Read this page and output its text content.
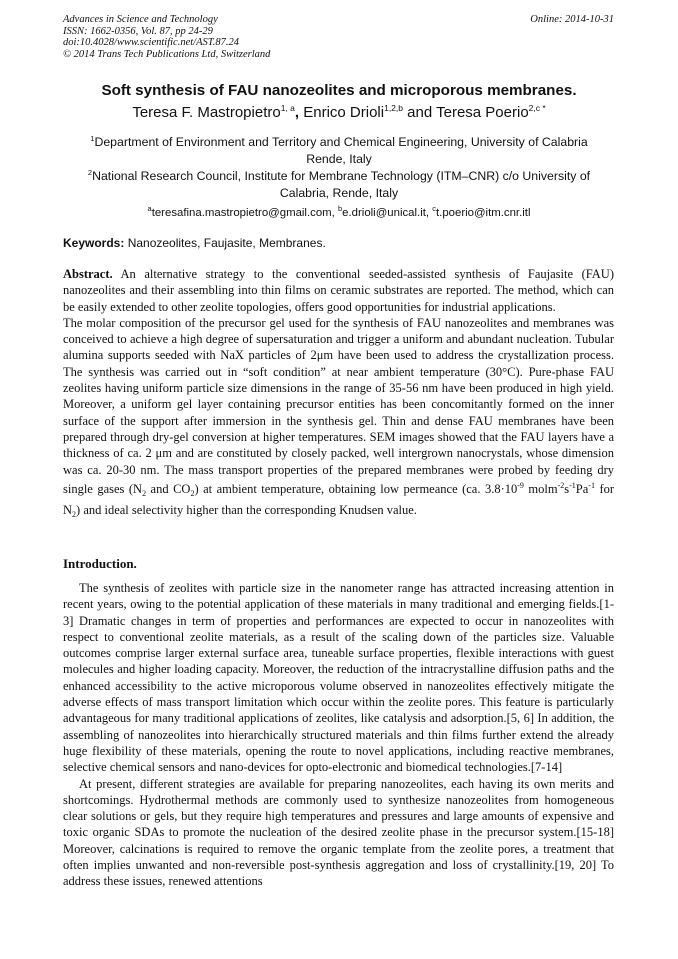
Advances in Science and Technology
ISSN: 1662-0356, Vol. 87, pp 24-29
doi:10.4028/www.scientific.net/AST.87.24
© 2014 Trans Tech Publications Ltd, Switzerland
Online: 2014-10-31
Soft synthesis of FAU nanozeolites and microporous membranes.
Teresa F. Mastropietro$^{1, a}$, Enrico Drioli$^{1,2,b}$ and Teresa Poerio$^{2,c *}$
$^1$Department of Environment and Territory and Chemical Engineering, University of Calabria
Rende, Italy
$^2$National Research Council, Institute for Membrane Technology (ITM–CNR) c/o University of
Calabria, Rende, Italy
$^a$teresafina.mastropietro@gmail.com, $^b$e.drioli@unical.it, $^c$t.poerio@itm.cnr.itl
Keywords: Nanozeolites, Faujasite, Membranes.

Abstract. An alternative strategy to the conventional seeded-assisted synthesis of Faujasite (FAU) nanozeolites and their assembling into thin films on ceramic substrates are reported. The method, which can be easily extended to other zeolite topologies, offers good opportunities for industrial applications.

The molar composition of the precursor gel used for the synthesis of FAU nanozeolites and membranes was conceived to achieve a high degree of supersaturation and trigger a uniform and abundant nucleation. Tubular alumina supports seeded with NaX particles of 2μm have been used to address the crystallization process. The synthesis was carried out in “soft condition” at near ambient temperature (30°C). Pure-phase FAU zeolites having uniform particle size dimensions in the range of 35-56 nm have been produced in high yield. Moreover, a uniform gel layer containing precursor entities has been concomitantly formed on the inner surface of the support after immersion in the synthesis gel. Thin and dense FAU membranes have been prepared through dry-gel conversion at higher temperatures. SEM images showed that the FAU layers have a thickness of ca. 2 μm and are constituted by closely packed, well intergrown nanocrystals, whose dimension was ca. 20-30 nm. The mass transport properties of the prepared membranes were probed by feeding dry single gases ($N_2$ and $CO_2$) at ambient temperature, obtaining low permeance (ca. $3.8\cdot 10^{-9}$ $molm^{-2}s^{-1}Pa^{-1}$ for $N_2$) and ideal selectivity higher than the corresponding Knudsen value.

Introduction.

The synthesis of zeolites with particle size in the nanometer range has attracted increasing attention in recent years, owing to the potential application of these materials in many traditional and emerging fields.[1-3] Dramatic changes in term of properties and performances are expected to occur in nanozeolites with respect to conventional zeolite materials, as a result of the scaling down of the particles size. Valuable outcomes comprise larger external surface area, tuneable surface properties, flexible interactions with guest molecules and higher loading capacity. Moreover, the reduction of the intracrystalline diffusion paths and the enhanced accessibility to the active microporous volume observed in nanozeolites effectively mitigate the adverse effects of mass transport limitation which occur within the zeolite pores. This feature is particularly advantageous for many traditional applications of zeolites, like catalysis and adsorption.[5, 6] In addition, the assembling of nanozeolites into hierarchically structured materials and thin films further extend the already huge flexibility of these materials, opening the route to novel applications, including reactive membranes, selective chemical sensors and nano-devices for opto-electronic and biomedical technologies.[7-14]

At present, different strategies are available for preparing nanozeolites, each having its own merits and shortcomings. Hydrothermal methods are commonly used to synthesize nanozeolites from homogeneous clear solutions or gels, but they require high temperatures and pressures and large amounts of expensive and toxic organic SDAs to promote the nucleation of the desired zeolite phase in the precursor system.[15-18] Moreover, calcinations is required to remove the organic template from the zeolite pores, a treatment that often implies unwanted and non-reversible post-synthesis aggregation and loss of crystallinity.[19, 20] To address these issues, renewed attentions
